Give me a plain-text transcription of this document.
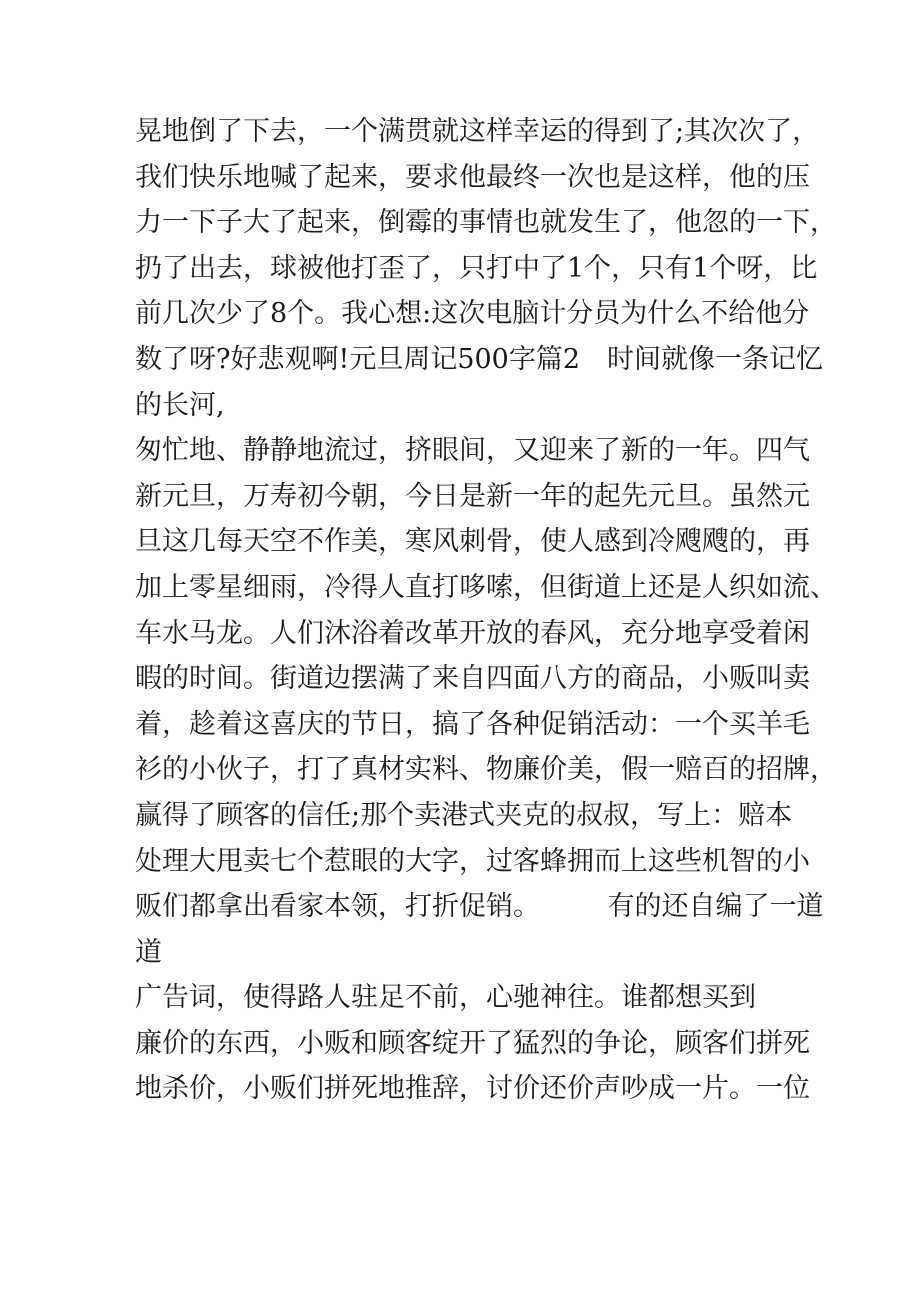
晃地倒了下去，一个满贯就这样幸运的得到了;其次次了，
我们快乐地喊了起来，要求他最终一次也是这样，他的压
力一下子大了起来，倒霉的事情也就发生了，他忽的一下，
扔了出去，球被他打歪了，只打中了1个，只有1个呀，比
前几次少了8个。我心想:这次电脑计分员为什么不给他分
数了呀?好悲观啊!元旦周记500字篇2　时间就像一条记忆
的长河,
匆忙地、静静地流过，挤眼间，又迎来了新的一年。四气
新元旦，万寿初今朝，今日是新一年的起先元旦。虽然元
旦这几每天空不作美，寒风刺骨，使人感到冷飕飕的，再
加上零星细雨，冷得人直打哆嗦，但街道上还是人织如流、
车水马龙。人们沐浴着改革开放的春风，充分地享受着闲
暇的时间。街道边摆满了来自四面八方的商品，小贩叫卖
着，趁着这喜庆的节日，搞了各种促销活动：一个买羊毛
衫的小伙子，打了真材实料、物廉价美，假一赔百的招牌，
赢得了顾客的信任;那个卖港式夹克的叔叔，写上：赔本
处理大甩卖七个惹眼的大字，过客蜂拥而上这些机智的小
贩们都拿出看家本领，打折促销。　　　有的还自编了一道
道
广告词，使得路人驻足不前，心驰神往。谁都想买到
廉价的东西，小贩和顾客绽开了猛烈的争论，顾客们拼死
地杀价，小贩们拼死地推辞，讨价还价声吵成一片。一位
